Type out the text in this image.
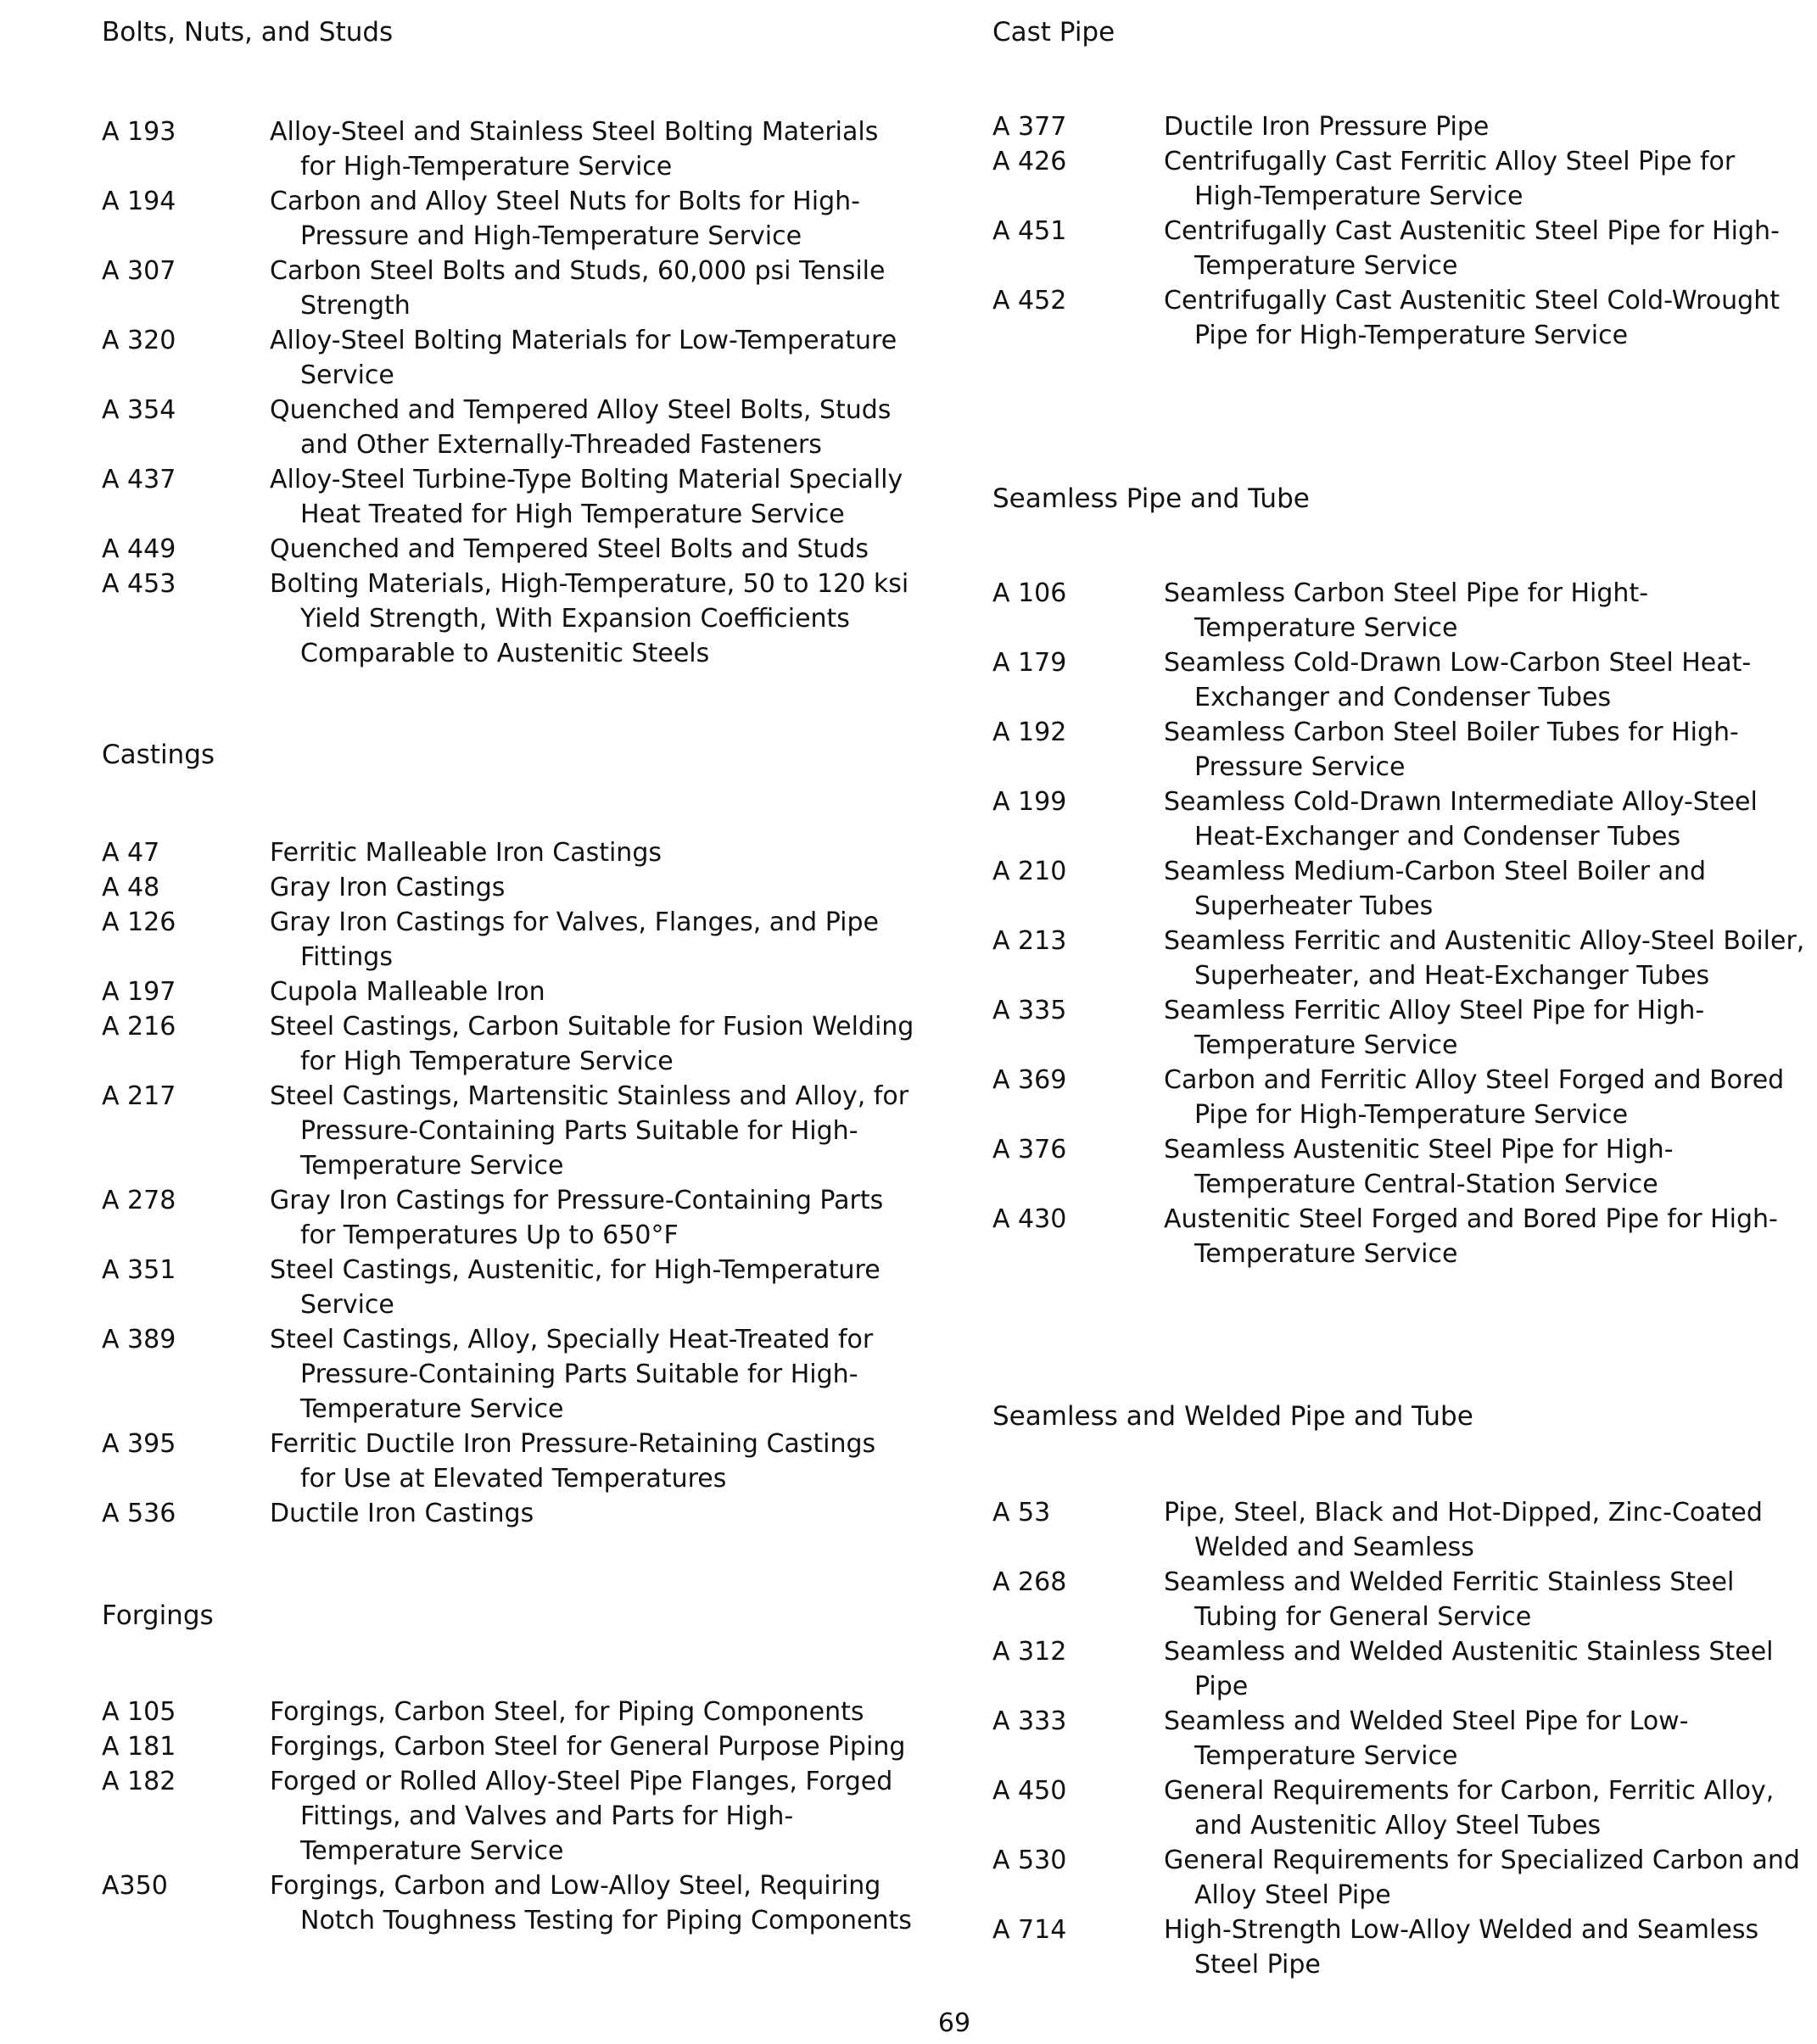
Bolts, Nuts, and Studs
A 193	Alloy-Steel and Stainless Steel Bolting Materials for High-Temperature Service
A 194	Carbon and Alloy Steel Nuts for Bolts for High-Pressure and High-Temperature Service
A 307	Carbon Steel Bolts and Studs, 60,000 psi Tensile Strength
A 320	Alloy-Steel Bolting Materials for Low-Temperature Service
A 354	Quenched and Tempered Alloy Steel Bolts, Studs and Other Externally-Threaded Fasteners
A 437	Alloy-Steel Turbine-Type Bolting Material Specially Heat Treated for High Temperature Service
A 449	Quenched and Tempered Steel Bolts and Studs
A 453	Bolting Materials, High-Temperature, 50 to 120 ksi Yield Strength, With Expansion Coefficients Comparable to Austenitic Steels
Castings
A 47	Ferritic Malleable Iron Castings
A 48	Gray Iron Castings
A 126	Gray Iron Castings for Valves, Flanges, and Pipe Fittings
A 197	Cupola Malleable Iron
A 216	Steel Castings, Carbon Suitable for Fusion Welding for High Temperature Service
A 217	Steel Castings, Martensitic Stainless and Alloy, for Pressure-Containing Parts Suitable for High-Temperature Service
A 278	Gray Iron Castings for Pressure-Containing Parts for Temperatures Up to 650°F
A 351	Steel Castings, Austenitic, for High-Temperature Service
A 389	Steel Castings, Alloy, Specially Heat-Treated for Pressure-Containing Parts Suitable for High-Temperature Service
A 395	Ferritic Ductile Iron Pressure-Retaining Castings for Use at Elevated Temperatures
A 536	Ductile Iron Castings
Forgings
A 105	Forgings, Carbon Steel, for Piping Components
A 181	Forgings, Carbon Steel for General Purpose Piping
A 182	Forged or Rolled Alloy-Steel Pipe Flanges, Forged Fittings, and Valves and Parts for High-Temperature Service
A350	Forgings, Carbon and Low-Alloy Steel, Requiring Notch Toughness Testing for Piping Components
Cast Pipe
A 377	Ductile Iron Pressure Pipe
A 426	Centrifugally Cast Ferritic Alloy Steel Pipe for High-Temperature Service
A 451	Centrifugally Cast Austenitic Steel Pipe for High-Temperature Service
A 452	Centrifugally Cast Austenitic Steel Cold-Wrought Pipe for High-Temperature Service
Seamless Pipe and Tube
A 106	Seamless Carbon Steel Pipe for Hight-Temperature Service
A 179	Seamless Cold-Drawn Low-Carbon Steel Heat-Exchanger and Condenser Tubes
A 192	Seamless Carbon Steel Boiler Tubes for High-Pressure Service
A 199	Seamless Cold-Drawn Intermediate Alloy-Steel Heat-Exchanger and Condenser Tubes
A 210	Seamless Medium-Carbon Steel Boiler and Superheater Tubes
A 213	Seamless Ferritic and Austenitic Alloy-Steel Boiler, Superheater, and Heat-Exchanger Tubes
A 335	Seamless Ferritic Alloy Steel Pipe for High-Temperature Service
A 369	Carbon and Ferritic Alloy Steel Forged and Bored Pipe for High-Temperature Service
A 376	Seamless Austenitic Steel Pipe for High-Temperature Central-Station Service
A 430	Austenitic Steel Forged and Bored Pipe for High-Temperature Service
Seamless and Welded Pipe and Tube
A 53	Pipe, Steel, Black and Hot-Dipped, Zinc-Coated Welded and Seamless
A 268	Seamless and Welded Ferritic Stainless Steel Tubing for General Service
A 312	Seamless and Welded Austenitic Stainless Steel Pipe
A 333	Seamless and Welded Steel Pipe for Low-Temperature Service
A 450	General Requirements for Carbon, Ferritic Alloy, and Austenitic Alloy Steel Tubes
A 530	General Requirements for Specialized Carbon and Alloy Steel Pipe
A 714	High-Strength Low-Alloy Welded and Seamless Steel Pipe
69
